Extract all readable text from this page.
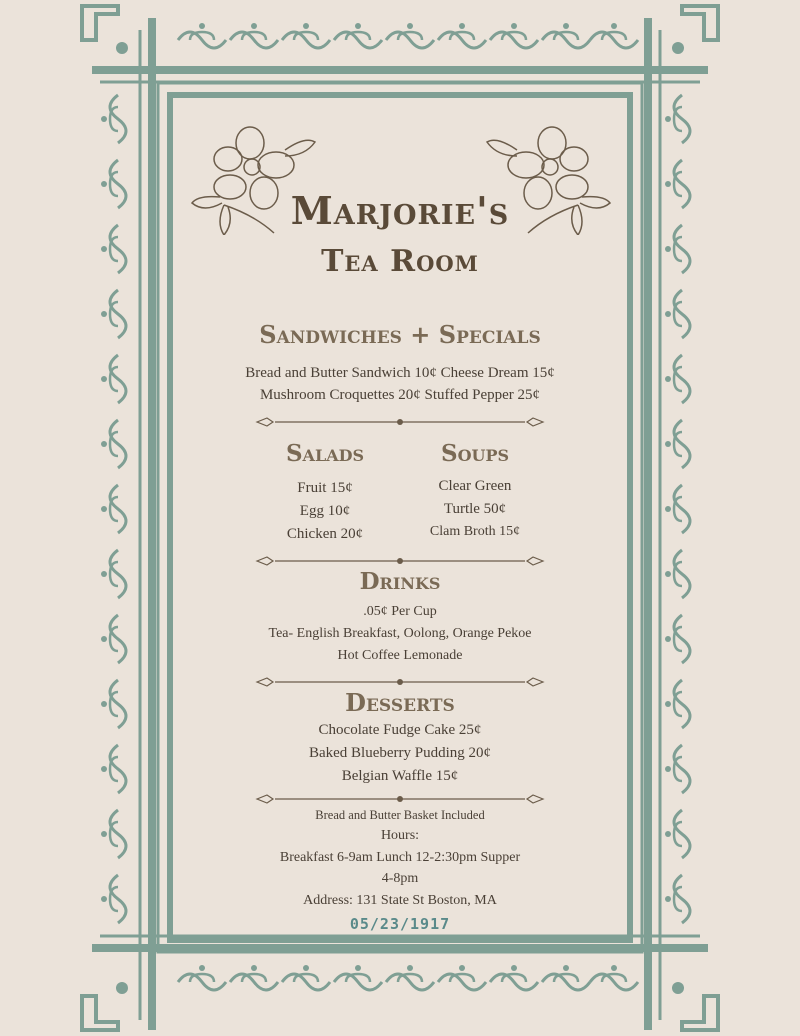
Marjorie's
Tea Room
Sandwiches + Specials
Bread and Butter Sandwich 10¢ Cheese Dream 15¢
Mushroom Croquettes 20¢ Stuffed Pepper 25¢
Salads
Fruit 15¢
Egg 10¢
Chicken 20¢
Soups
Clear Green
Turtle 50¢
Clam Broth 15¢
Drinks
.05¢ Per Cup
Tea- English Breakfast, Oolong, Orange Pekoe
Hot Coffee Lemonade
Desserts
Chocolate Fudge Cake 25¢
Baked Blueberry Pudding 20¢
Belgian Waffle 15¢
Bread and Butter Basket Included
Hours:
Breakfast 6-9am Lunch 12-2:30pm Supper
4-8pm
Address: 131 State St Boston, MA
05/23/1917
